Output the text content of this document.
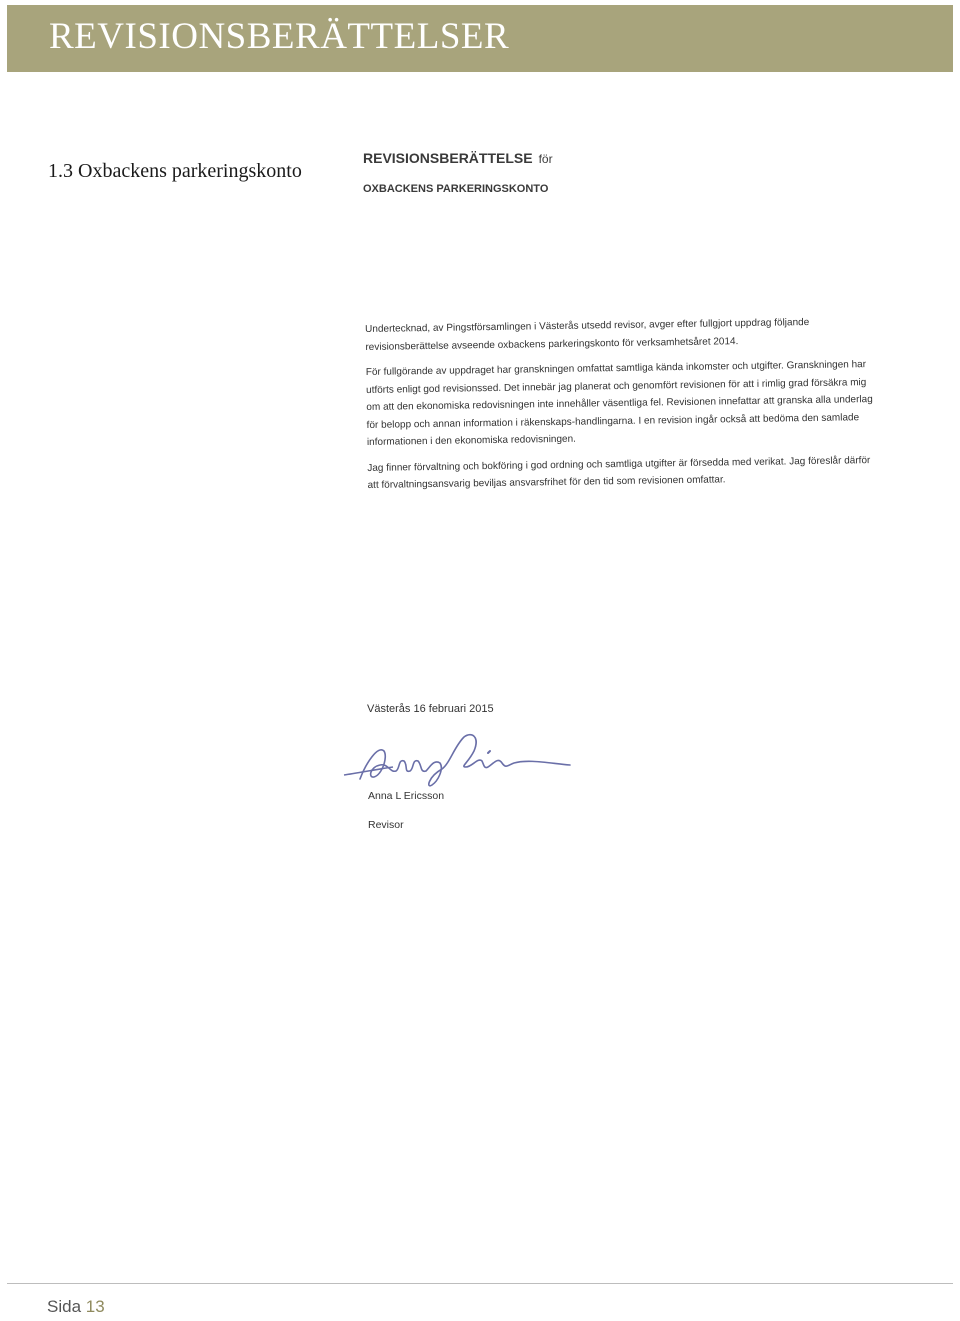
REVISIONSBERÄTTELSER
1.3 Oxbackens parkeringskonto
REVISIONSBERÄTTELSE för
OXBACKENS PARKERINGSKONTO

Undertecknad, av Pingstförsamlingen i Västerås utsedd revisor, avger efter fullgjort uppdrag följande revisionsberättelse avseende oxbackens parkeringskonto för verksamhetsåret 2014.

För fullgörande av uppdraget har granskningen omfattat samtliga kända inkomster och utgifter. Granskningen har utförts enligt god revisionssed. Det innebär jag planerat och genomfört revisionen för att i rimlig grad försäkra mig om att den ekonomiska redovisningen inte innehåller väsentliga fel. Revisionen innefattar att granska alla underlag för belopp och annan information i räkenskaps-handlingarna. I en revision ingår också att bedöma den samlade informationen i den ekonomiska redovisningen.

Jag finner förvaltning och bokföring i god ordning och samtliga utgifter är försedda med verikat. Jag föreslår därför att förvaltningsansvarig beviljas ansvarsfrihet för den tid som revisionen omfattar.

Västerås 16 februari 2015
Anna L Ericsson
Revisor
Sida 13
